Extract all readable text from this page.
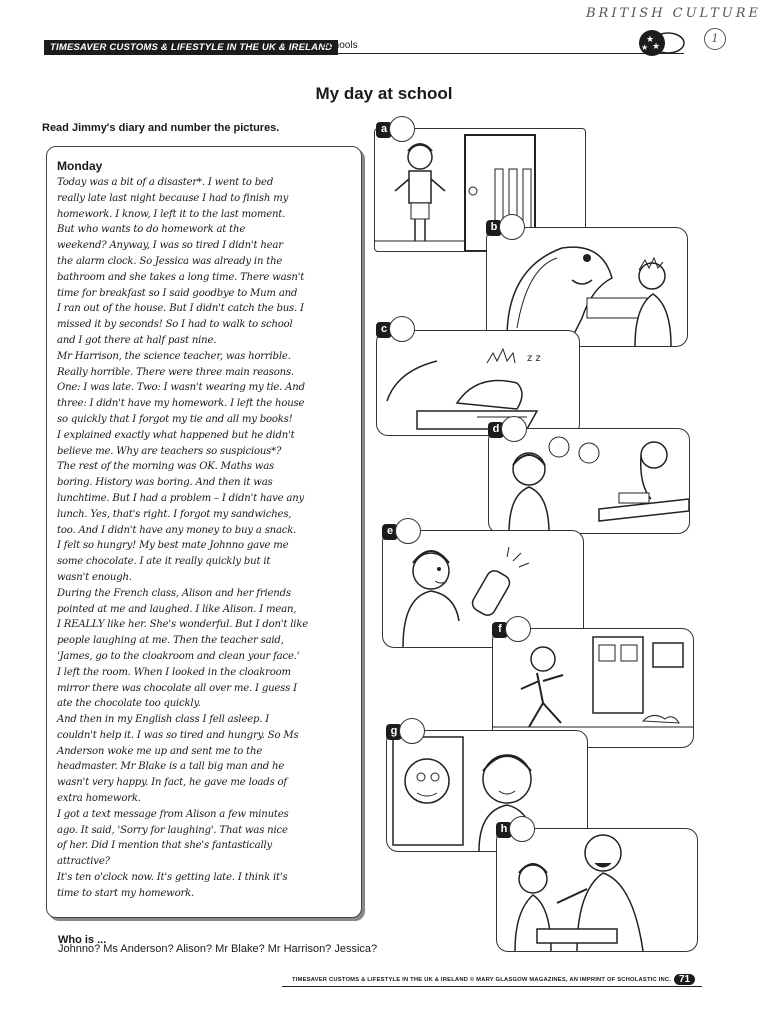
BRITISH CULTURE
1
TIMESAVER CUSTOMS & LIFESTYLE IN THE UK & IRELAND
Schools	★
★
★
My day at school
Read Jimmy's diary and number the pictures.
Monday

Today was a bit of a disaster*. I went to bed

really late last night because I had to finish my

homework. I know, I left it to the last moment.

But who wants to do homework at the

weekend? Anyway, I was so tired I didn't hear

the alarm clock. So Jessica was already in the

bathroom and she takes a long time. There wasn't

time for breakfast so I said goodbye to Mum and

I ran out of the house. But I didn't catch the bus. I

missed it by seconds! So I had to walk to school

and I got there at half past nine.

Mr Harrison, the science teacher, was horrible.

Really horrible. There were three main reasons.

One: I was late. Two: I wasn't wearing my tie. And

three: I didn't have my homework. I left the house

so quickly that I forgot my tie and all my books!

I explained exactly what happened but he didn't

believe me. Why are teachers so suspicious*?

The rest of the morning was OK. Maths was

boring. History was boring. And then it was

lunchtime. But I had a problem – I didn't have any

lunch. Yes, that's right. I forgot my sandwiches,

too. And I didn't have any money to buy a snack.

I felt so hungry! My best mate Johnno gave me

some chocolate. I ate it really quickly but it

wasn't enough.

During the French class, Alison and her friends

pointed at me and laughed. I like Alison. I mean,

I REALLY like her. She's wonderful. But I don't like

people laughing at me. Then the teacher said,

'James, go to the cloakroom and clean your face.'

I left the room. When I looked in the cloakroom

mirror there was chocolate all over me. I guess I

ate the chocolate too quickly.

And then in my English class I fell asleep. I

couldn't help it. I was so tired and hungry. So Ms

Anderson woke me up and sent me to the

headmaster. Mr Blake is a tall big man and he

wasn't very happy. In fact, he gave me loads of

extra homework.

I got a text message from Alison a few minutes

ago. It said, 'Sorry for laughing'. That was nice

of her. Did I mention that she's fantastically

attractive?

It's ten o'clock now. It's getting late. I think it's

time to start my homework.

Who is ...
Johnno? Ms Anderson? Alison? Mr Blake? Mr Harrison? Jessica?
a
b
z z
c
d
e
f
g
h
TIMESAVER CUSTOMS & LIFESTYLE IN THE UK & IRELAND © MARY GLASGOW MAGAZINES, AN IMPRINT OF SCHOLASTIC INC. 71
